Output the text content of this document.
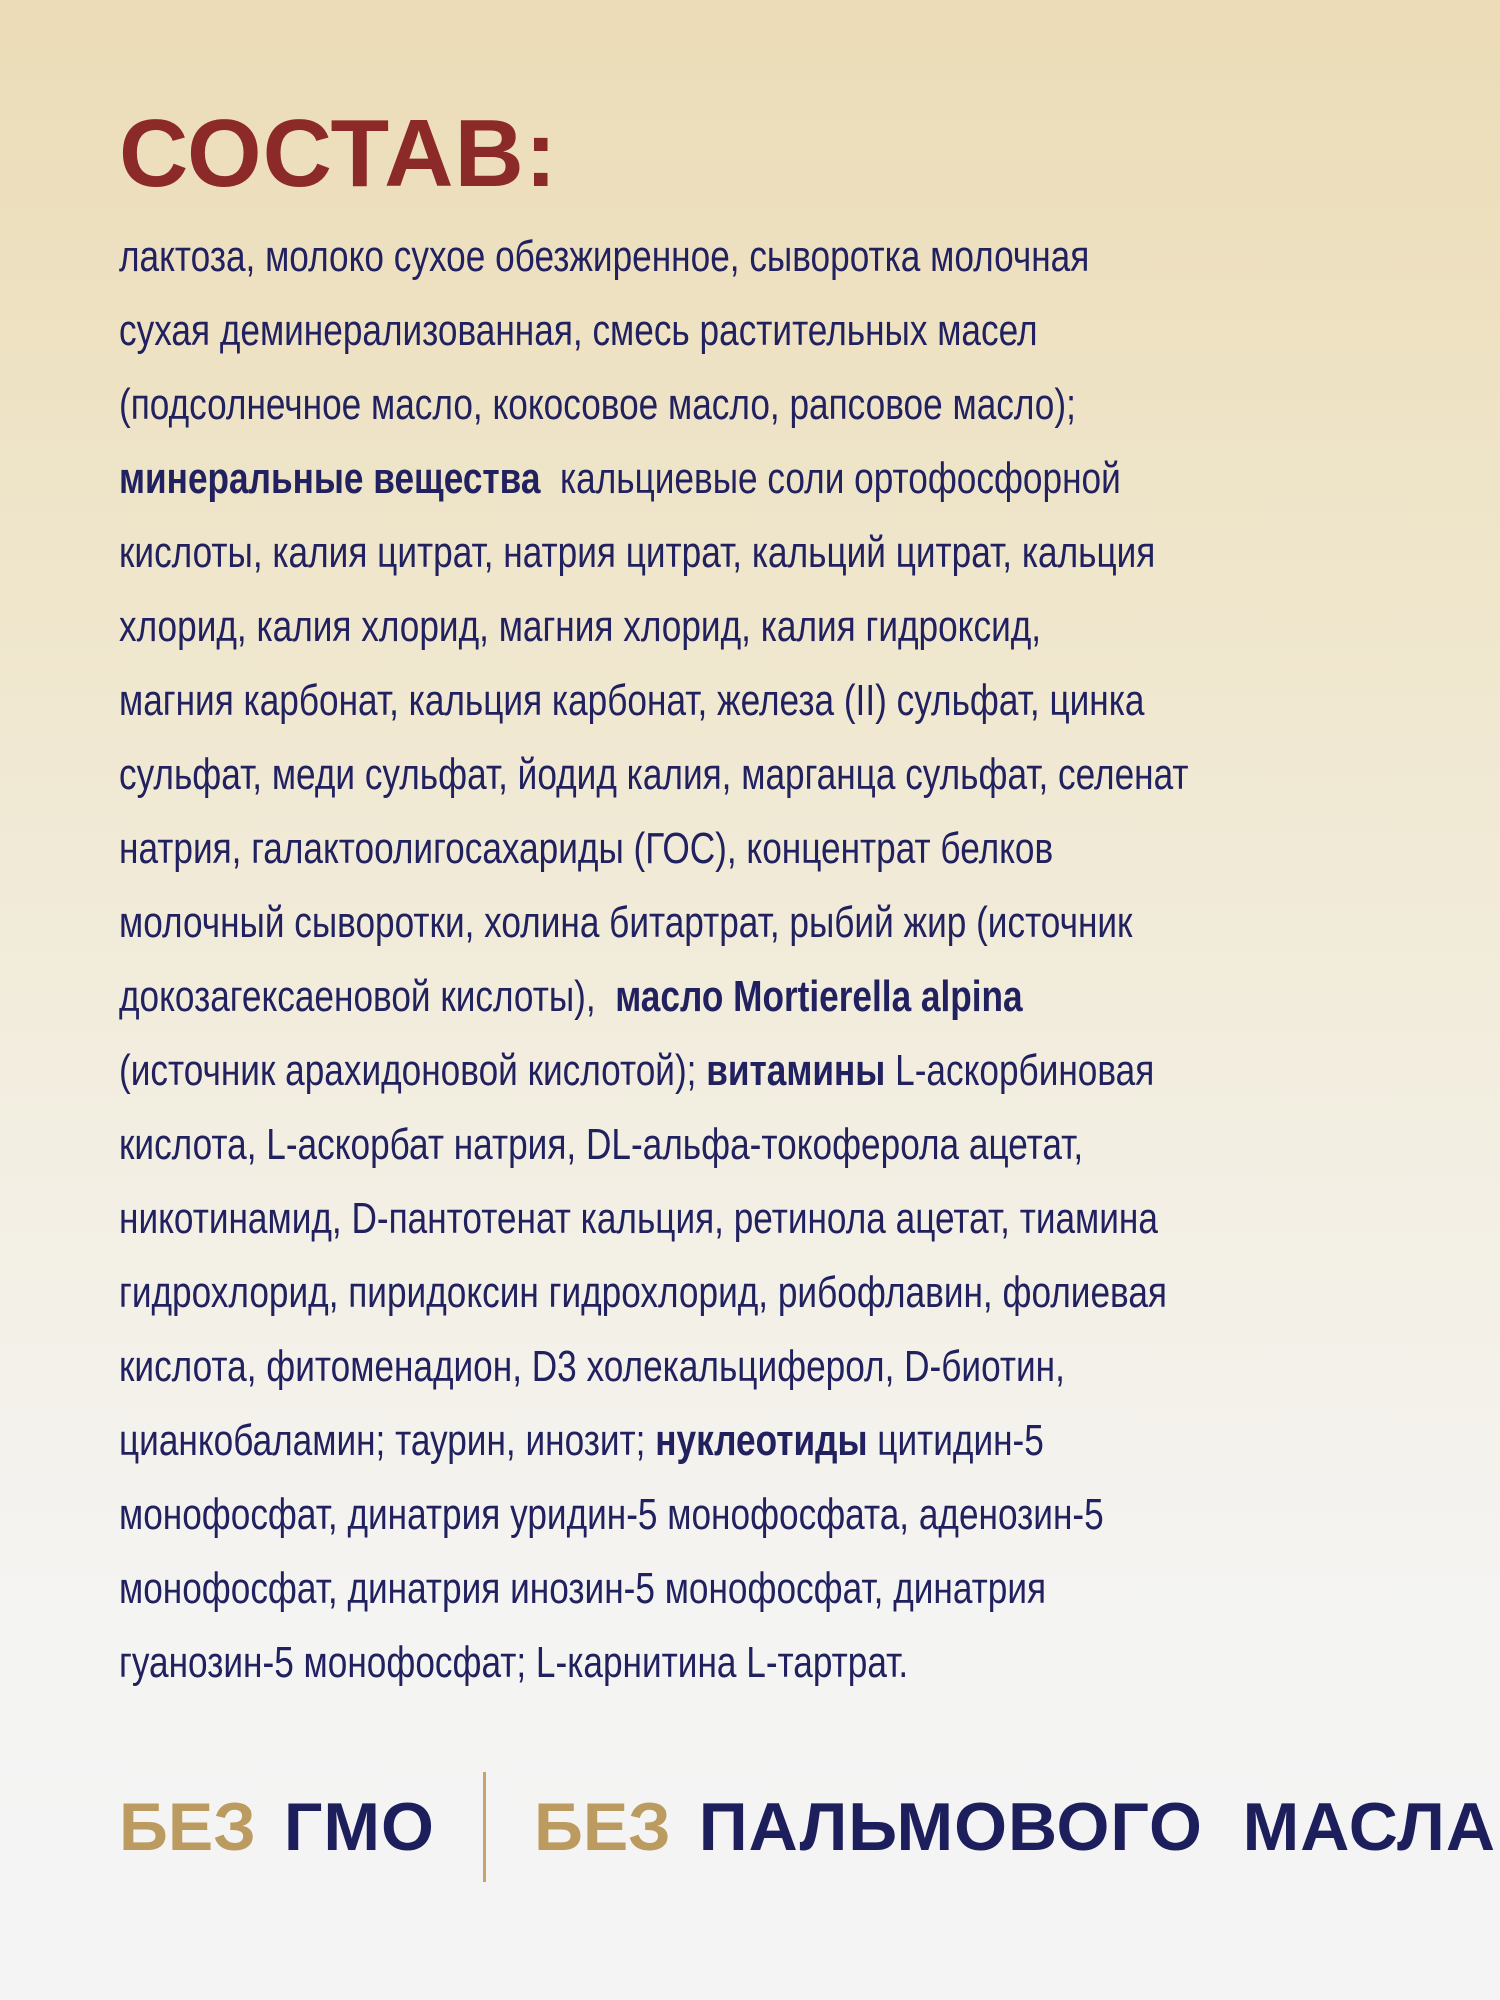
СОСТАВ:
лактоза, молоко сухое обезжиренное, сыворотка молочная
сухая деминерализованная, смесь растительных масел
(подсолнечное масло, кокосовое масло, рапсовое масло);
минеральные вещества  кальциевые соли ортофосфорной
кислоты, калия цитрат, натрия цитрат, кальций цитрат, кальция
хлорид, калия хлорид, магния хлорид, калия гидроксид,
магния карбонат, кальция карбонат, железа (II) сульфат, цинка
сульфат, меди сульфат, йодид калия, марганца сульфат, селенат
натрия, галактоолигосахариды (ГОС), концентрат белков
молочный сыворотки, холина битартрат, рыбий жир (источник
докозагексаеновой кислоты),  масло Mortierella alpina
(источник арахидоновой кислотой); витамины L-аскорбиновая
кислота, L-аскорбат натрия, DL-альфа-токоферола ацетат,
никотинамид, D-пантотенат кальция, ретинола ацетат, тиамина
гидрохлорид, пиридоксин гидрохлорид, рибофлавин, фолиевая
кислота, фитоменадион, D3 холекальциферол, D-биотин,
цианкобаламин; таурин, инозит; нуклеотиды цитидин-5
монофосфат, динатрия уридин-5 монофосфата, аденозин-5
монофосфат, динатрия инозин-5 монофосфат, динатрия
гуанозин-5 монофосфат; L-карнитина L-тартрат.
БЕЗ ГМО БЕЗ ПАЛЬМОВОГО  МАСЛА
